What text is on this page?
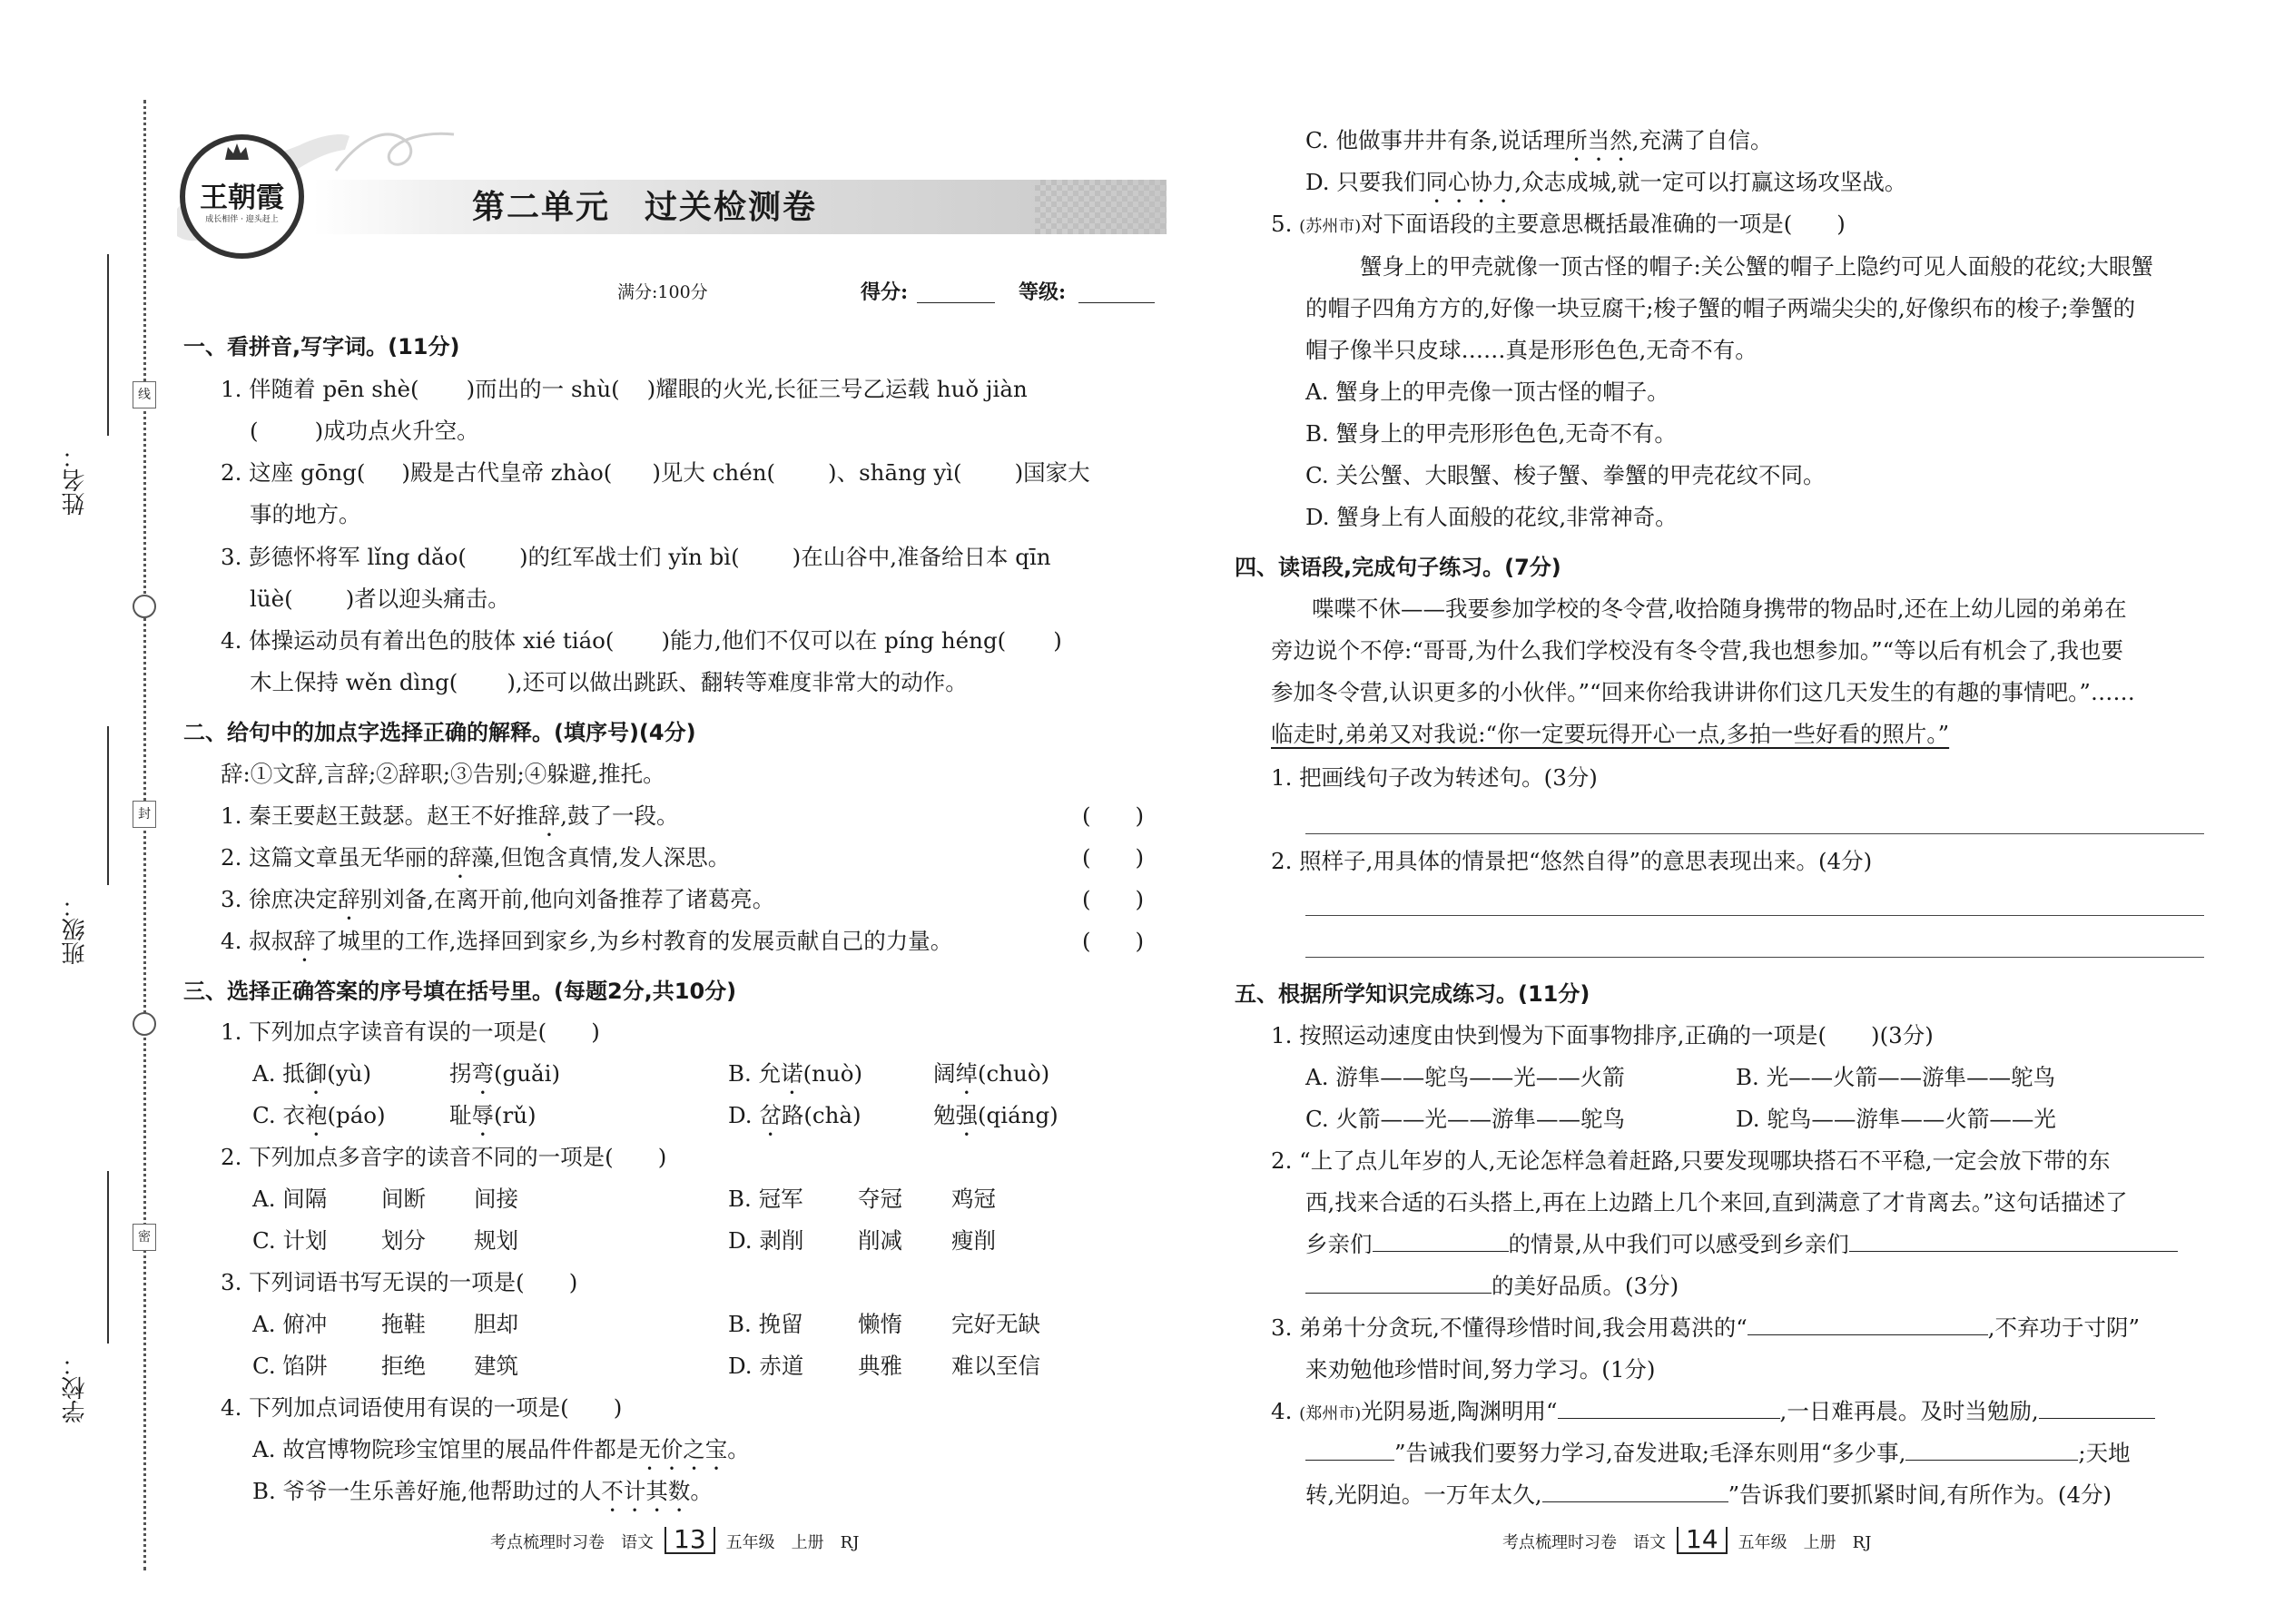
线
封
密
姓名：
班级：
学校：
王朝霞
成长相伴 · 迎头赶上	第二单元　过关检测卷
满分:100分	得分:	等级:
一、看拼音,写字词。(11分)
1. 伴随着 pēn shè( )而出的一 shù( )耀眼的火光,长征三号乙运载 huǒ jiàn
(	)成功点火升空。
2. 这座 gōng( )殿是古代皇帝 zhào( )见大 chén( )、shāng yì( )国家大
事的地方。
3. 彭德怀将军 lǐng dǎo( )的红军战士们 yǐn bì( )在山谷中,准备给日本 qīn
lüè( )者以迎头痛击。
4. 体操运动员有着出色的肢体 xié tiáo( )能力,他们不仅可以在 píng héng( )
木上保持 wěn dìng( ),还可以做出跳跃、翻转等难度非常大的动作。
二、给句中的加点字选择正确的解释。(填序号)(4分)
辞:①文辞,言辞;②辞职;③告别;④躲避,推托。
1. 秦王要赵王鼓瑟。赵王不好推辞,鼓了一段。	(　　)
2. 这篇文章虽无华丽的辞藻,但饱含真情,发人深思。	(　　)
3. 徐庶决定辞别刘备,在离开前,他向刘备推荐了诸葛亮。	(　　)
4. 叔叔辞了城里的工作,选择回到家乡,为乡村教育的发展贡献自己的力量。	(　　)
三、选择正确答案的序号填在括号里。(每题2分,共10分)
1. 下列加点字读音有误的一项是(　　)
A. 抵御(yù)	拐弯(guǎi)	B. 允诺(nuò)	阔绰(chuò)
C. 衣袍(páo)	耻辱(rǔ)	D. 岔路(chà)	勉强(qiáng)
2. 下列加点多音字的读音不同的一项是(　　)
A. 间隔 间断 间接	B. 冠军 夺冠 鸡冠
C. 计划 划分 规划	D. 剥削 削减 瘦削
3. 下列词语书写无误的一项是(　　)
A. 俯冲 拖鞋 胆却	B. 挽留 懒惰 完好无缺
C. 馅阱 拒绝 建筑	D. 赤道 典雅 难以至信
4. 下列加点词语使用有误的一项是(　　)
A. 故宫博物院珍宝馆里的展品件件都是无价之宝。
B. 爷爷一生乐善好施,他帮助过的人不计其数。
考点梳理时习卷　语文 13 五年级　上册　RJ
C. 他做事井井有条,说话理所当然,充满了自信。
D. 只要我们同心协力,众志成城,就一定可以打赢这场攻坚战。
5. (苏州市)对下面语段的主要意思概括最准确的一项是(　　)
蟹身上的甲壳就像一顶古怪的帽子:关公蟹的帽子上隐约可见人面般的花纹;大眼蟹
的帽子四角方方的,好像一块豆腐干;梭子蟹的帽子两端尖尖的,好像织布的梭子;拳蟹的
帽子像半只皮球……真是形形色色,无奇不有。
A. 蟹身上的甲壳像一顶古怪的帽子。
B. 蟹身上的甲壳形形色色,无奇不有。
C. 关公蟹、大眼蟹、梭子蟹、拳蟹的甲壳花纹不同。
D. 蟹身上有人面般的花纹,非常神奇。
四、读语段,完成句子练习。(7分)
喋喋不休——我要参加学校的冬令营,收拾随身携带的物品时,还在上幼儿园的弟弟在
旁边说个不停:“哥哥,为什么我们学校没有冬令营,我也想参加。”“等以后有机会了,我也要
参加冬令营,认识更多的小伙伴。”“回来你给我讲讲你们这几天发生的有趣的事情吧。”……
临走时,弟弟又对我说:“你一定要玩得开心一点,多拍一些好看的照片。”
1. 把画线句子改为转述句。(3分)
2. 照样子,用具体的情景把“悠然自得”的意思表现出来。(4分)
五、根据所学知识完成练习。(11分)
1. 按照运动速度由快到慢为下面事物排序,正确的一项是(　　)(3分)
A. 游隼——鸵鸟——光——火箭	B. 光——火箭——游隼——鸵鸟
C. 火箭——光——游隼——鸵鸟	D. 鸵鸟——游隼——火箭——光
2. “上了点儿年岁的人,无论怎样急着赶路,只要发现哪块搭石不平稳,一定会放下带的东
西,找来合适的石头搭上,再在上边踏上几个来回,直到满意了才肯离去。”这句话描述了
乡亲们	的情景,从中我们可以感受到乡亲们
的美好品质。(3分)
3. 弟弟十分贪玩,不懂得珍惜时间,我会用葛洪的“	,不弃功于寸阴”
来劝勉他珍惜时间,努力学习。(1分)
4. (郑州市)光阴易逝,陶渊明用“	,一日难再晨。及时当勉励,
”告诫我们要努力学习,奋发进取;毛泽东则用“多少事,	;天地
转,光阴迫。一万年太久,	”告诉我们要抓紧时间,有所作为。(4分)
考点梳理时习卷　语文 14 五年级　上册　RJ
